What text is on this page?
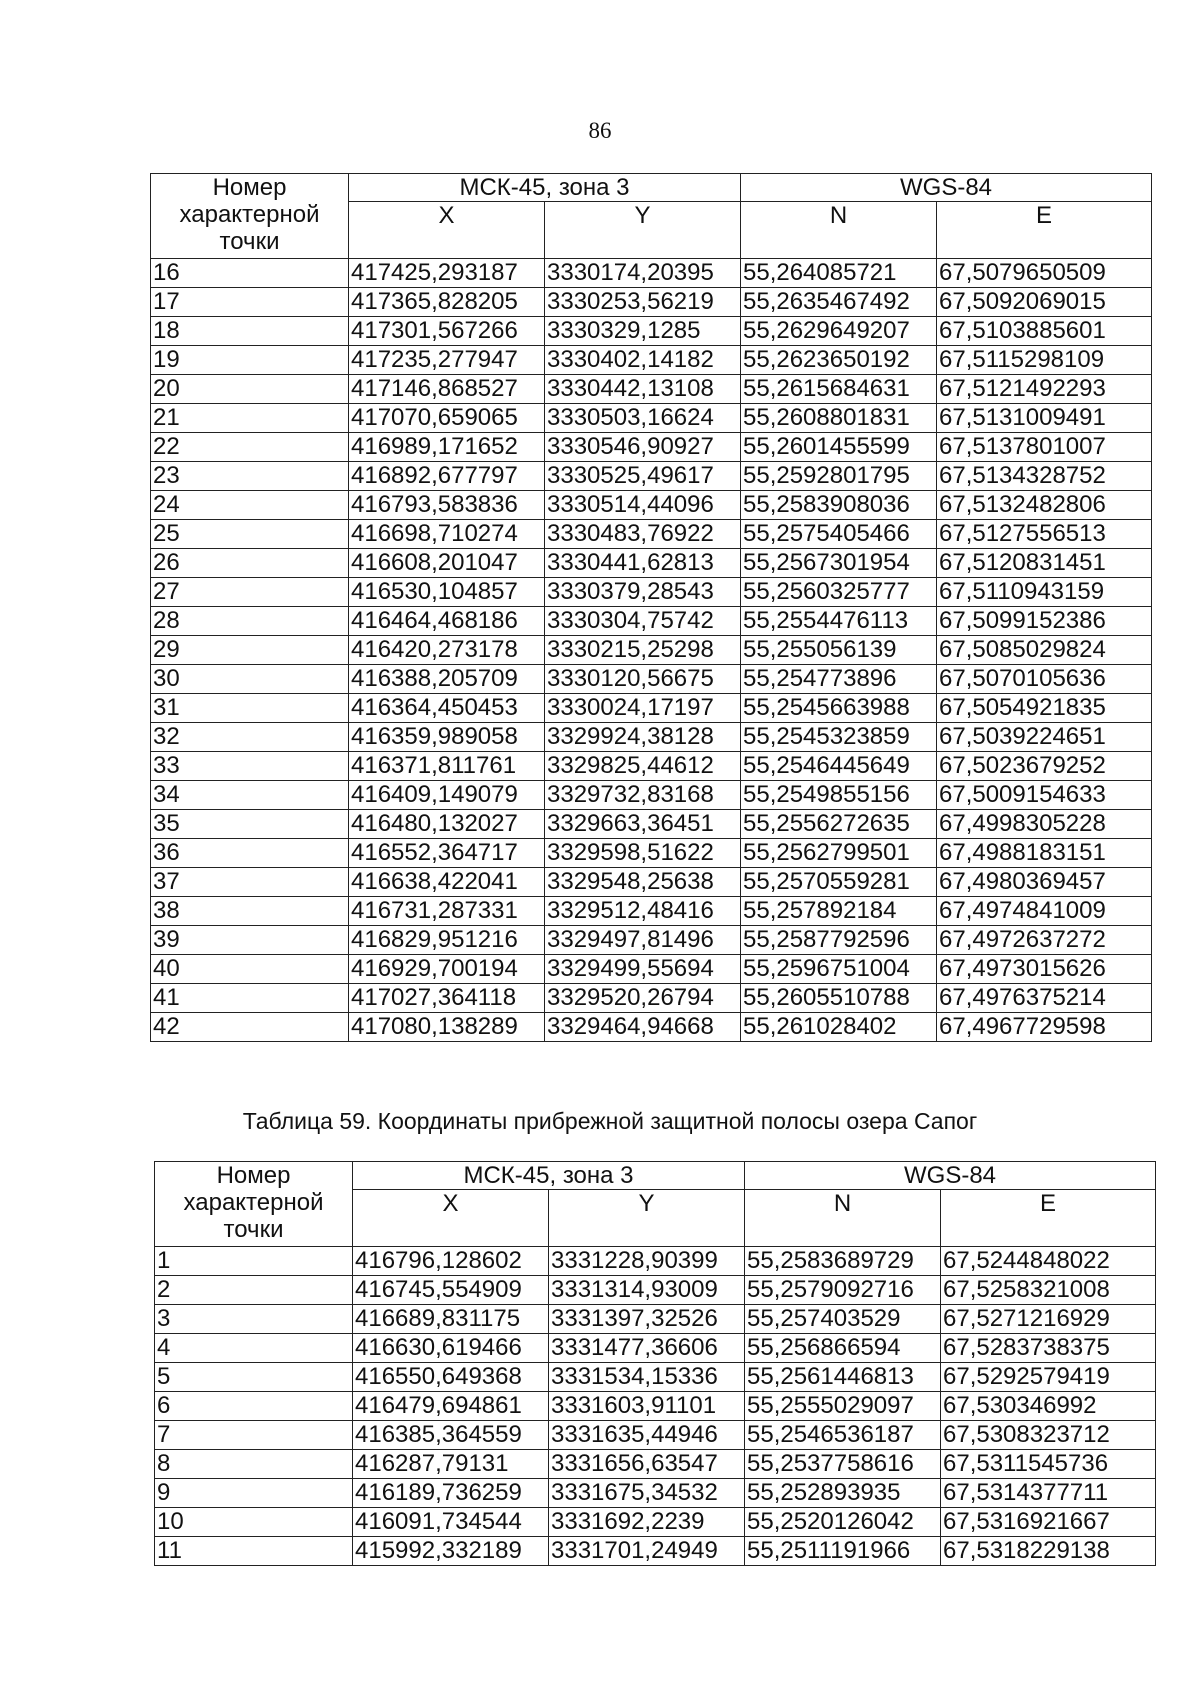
86
Номер
характерной
точки	МСК-45, зона 3		WGS-84	
	X	Y	N	E
16	417425,293187	3330174,20395	55,264085721	67,5079650509
17	417365,828205	3330253,56219	55,2635467492	67,5092069015
18	417301,567266	3330329,1285	55,2629649207	67,5103885601
19	417235,277947	3330402,14182	55,2623650192	67,5115298109
20	417146,868527	3330442,13108	55,2615684631	67,5121492293
21	417070,659065	3330503,16624	55,2608801831	67,5131009491
22	416989,171652	3330546,90927	55,2601455599	67,5137801007
23	416892,677797	3330525,49617	55,2592801795	67,5134328752
24	416793,583836	3330514,44096	55,2583908036	67,5132482806
25	416698,710274	3330483,76922	55,2575405466	67,5127556513
26	416608,201047	3330441,62813	55,2567301954	67,5120831451
27	416530,104857	3330379,28543	55,2560325777	67,5110943159
28	416464,468186	3330304,75742	55,2554476113	67,5099152386
29	416420,273178	3330215,25298	55,255056139	67,5085029824
30	416388,205709	3330120,56675	55,254773896	67,5070105636
31	416364,450453	3330024,17197	55,2545663988	67,5054921835
32	416359,989058	3329924,38128	55,2545323859	67,5039224651
33	416371,811761	3329825,44612	55,2546445649	67,5023679252
34	416409,149079	3329732,83168	55,2549855156	67,5009154633
35	416480,132027	3329663,36451	55,2556272635	67,4998305228
36	416552,364717	3329598,51622	55,2562799501	67,4988183151
37	416638,422041	3329548,25638	55,2570559281	67,4980369457
38	416731,287331	3329512,48416	55,257892184	67,4974841009
39	416829,951216	3329497,81496	55,2587792596	67,4972637272
40	416929,700194	3329499,55694	55,2596751004	67,4973015626
41	417027,364118	3329520,26794	55,2605510788	67,4976375214
42	417080,138289	3329464,94668	55,261028402	67,4967729598
Таблица 59. Координаты прибрежной защитной полосы озера Сапог
Номер
характерной
точки	МСК-45, зона 3		WGS-84	
	X	Y	N	E
1	416796,128602	3331228,90399	55,2583689729	67,5244848022
2	416745,554909	3331314,93009	55,2579092716	67,5258321008
3	416689,831175	3331397,32526	55,257403529	67,5271216929
4	416630,619466	3331477,36606	55,256866594	67,5283738375
5	416550,649368	3331534,15336	55,2561446813	67,5292579419
6	416479,694861	3331603,91101	55,2555029097	67,530346992
7	416385,364559	3331635,44946	55,2546536187	67,5308323712
8	416287,79131	3331656,63547	55,2537758616	67,5311545736
9	416189,736259	3331675,34532	55,252893935	67,5314377711
10	416091,734544	3331692,2239	55,2520126042	67,5316921667
11	415992,332189	3331701,24949	55,2511191966	67,5318229138
